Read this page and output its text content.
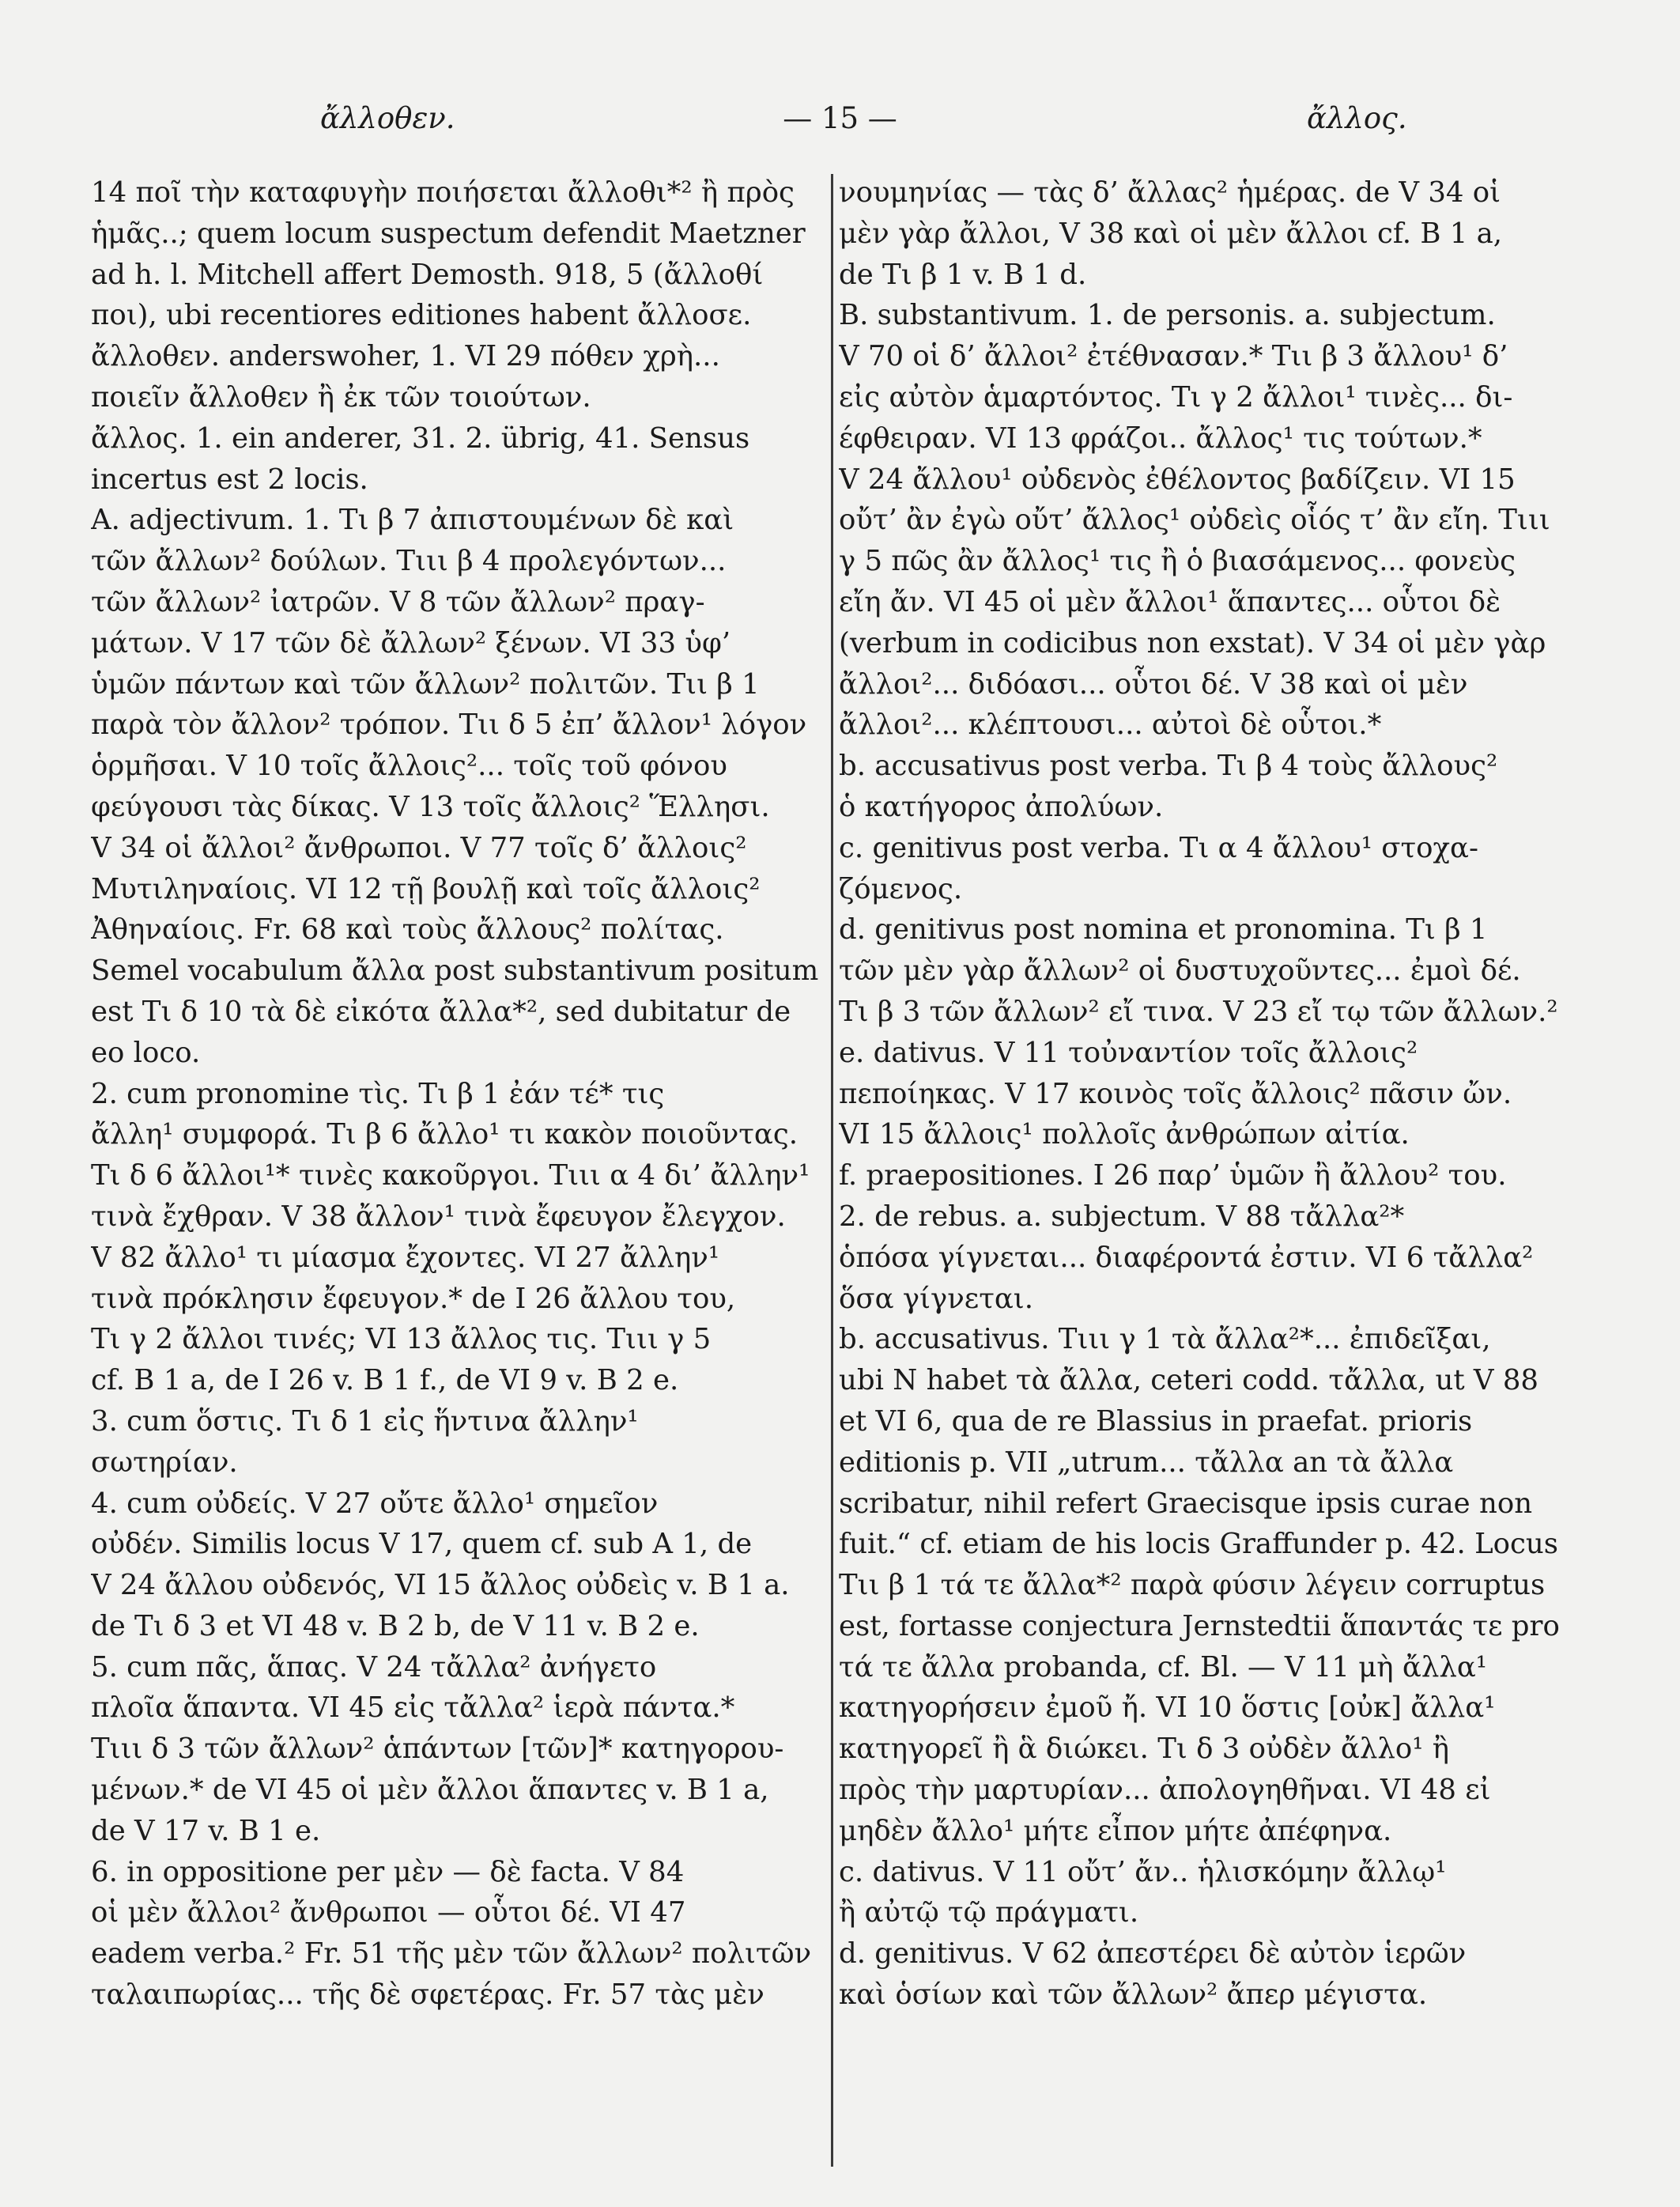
ἄλλοθεν.	— 15 —	ἄλλος.

14 ποῖ τὴν καταφυγὴν ποιήσεται ἄλλοθι*² ἢ πρὸς

ἡμᾶς..; quem locum suspectum defendit Maetzner

ad h. l. Mitchell affert Demosth. 918, 5 (ἄλλοθί

ποι), ubi recentiores editiones habent ἄλλοσε.

ἄλλοθεν. anderswoher, 1. VI 29 πόθεν χρὴ...

ποιεῖν ἄλλοθεν ἢ ἐκ τῶν τοιούτων.

ἄλλος. 1. ein anderer, 31. 2. übrig, 41. Sensus

incertus est 2 locis.

A. adjectivum. 1. Tι β 7 ἀπιστουμένων δὲ καὶ

τῶν ἄλλων² δούλων. Tιιι β 4 προλεγόντων...

τῶν ἄλλων² ἰατρῶν. V 8 τῶν ἄλλων² πραγ-

μάτων. V 17 τῶν δὲ ἄλλων² ξένων. VI 33 ὑφ’

ὑμῶν πάντων καὶ τῶν ἄλλων² πολιτῶν. Tιι β 1

παρὰ τὸν ἄλλον² τρόπον. Tιι δ 5 ἐπ’ ἄλλον¹ λόγον

ὁρμῆσαι. V 10 τοῖς ἄλλοις²... τοῖς τοῦ φόνου

φεύγουσι τὰς δίκας. V 13 τοῖς ἄλλοις² Ἕλλησι.

V 34 οἱ ἄλλοι² ἄνθρωποι. V 77 τοῖς δ’ ἄλλοις²

Μυτιληναίοις. VI 12 τῇ βουλῇ καὶ τοῖς ἄλλοις²

Ἀθηναίοις. Fr. 68 καὶ τοὺς ἄλλους² πολίτας.

Semel vocabulum ἄλλα post substantivum positum

est Tι δ 10 τὰ δὲ εἰκότα ἄλλα*², sed dubitatur de

eo loco.

2. cum pronomine τὶς. Tι β 1 ἐάν τέ* τις

ἄλλη¹ συμφορά. Tι β 6 ἄλλο¹ τι κακὸν ποιοῦντας.

Tι δ 6 ἄλλοι¹* τινὲς κακοῦργοι. Tιιι α 4 δι’ ἄλλην¹

τινὰ ἔχθραν. V 38 ἄλλον¹ τινὰ ἔφευγον ἔλεγχον.

V 82 ἄλλο¹ τι μίασμα ἔχοντες. VI 27 ἄλλην¹

τινὰ πρόκλησιν ἔφευγον.* de I 26 ἄλλου του,

Tι γ 2 ἄλλοι τινές; VI 13 ἄλλος τις. Tιιι γ 5

cf. B 1 a, de I 26 v. B 1 f., de VI 9 v. B 2 e.

3. cum ὅστις. Tι δ 1 εἰς ἥντινα ἄλλην¹

σωτηρίαν.

4. cum οὐδείς. V 27 οὔτε ἄλλο¹ σημεῖον

οὐδέν. Similis locus V 17, quem cf. sub A 1, de

V 24 ἄλλου οὐδενός, VI 15 ἄλλος οὐδεὶς v. B 1 a.

de Tι δ 3 et VI 48 v. B 2 b, de V 11 v. B 2 e.

5. cum πᾶς, ἅπας. V 24 τἄλλα² ἀνήγετο

πλοῖα ἅπαντα. VI 45 εἰς τἄλλα² ἱερὰ πάντα.*

Tιιι δ 3 τῶν ἄλλων² ἁπάντων [τῶν]* κατηγορου-

μένων.* de VI 45 οἱ μὲν ἄλλοι ἅπαντες v. B 1 a,

de V 17 v. B 1 e.

6. in oppositione per μὲν — δὲ facta. V 84

οἱ μὲν ἄλλοι² ἄνθρωποι — οὗτοι δέ. VI 47

eadem verba.² Fr. 51 τῆς μὲν τῶν ἄλλων² πολιτῶν

ταλαιπωρίας... τῆς δὲ σφετέρας. Fr. 57 τὰς μὲν

νουμηνίας — τὰς δ’ ἄλλας² ἡμέρας. de V 34 οἱ

μὲν γὰρ ἄλλοι, V 38 καὶ οἱ μὲν ἄλλοι cf. B 1 a,

de Tι β 1 v. B 1 d.

B. substantivum. 1. de personis. a. subjectum.

V 70 οἱ δ’ ἄλλοι² ἐτέθνασαν.* Tιι β 3 ἄλλου¹ δ’

εἰς αὐτὸν ἁμαρτόντος. Tι γ 2 ἄλλοι¹ τινὲς... δι-

έφθειραν. VI 13 φράζοι.. ἄλλος¹ τις τούτων.*

V 24 ἄλλου¹ οὐδενὸς ἐθέλοντος βαδίζειν. VI 15

οὔτ’ ἂν ἐγὼ οὔτ’ ἄλλος¹ οὐδεὶς οἷός τ’ ἂν εἴη. Tιιι

γ 5 πῶς ἂν ἄλλος¹ τις ἢ ὁ βιασάμενος... φονεὺς

εἴη ἄν. VI 45 οἱ μὲν ἄλλοι¹ ἅπαντες... οὗτοι δὲ

(verbum in codicibus non exstat). V 34 οἱ μὲν γὰρ

ἄλλοι²... διδόασι... οὗτοι δέ. V 38 καὶ οἱ μὲν

ἄλλοι²... κλέπτουσι... αὐτοὶ δὲ οὗτοι.*

b. accusativus post verba. Tι β 4 τοὺς ἄλλους²

ὁ κατήγορος ἀπολύων.

c. genitivus post verba. Tι α 4 ἄλλου¹ στοχα-

ζόμενος.

d. genitivus post nomina et pronomina. Tι β 1

τῶν μὲν γὰρ ἄλλων² οἱ δυστυχοῦντες... ἐμοὶ δέ.

Tι β 3 τῶν ἄλλων² εἴ τινα. V 23 εἴ τῳ τῶν ἄλλων.²

e. dativus. V 11 τοὐναντίον τοῖς ἄλλοις²

πεποίηκας. V 17 κοινὸς τοῖς ἄλλοις² πᾶσιν ὤν.

VI 15 ἄλλοις¹ πολλοῖς ἀνθρώπων αἰτία.

f. praepositiones. I 26 παρ’ ὑμῶν ἢ ἄλλου² του.

2. de rebus. a. subjectum. V 88 τἄλλα²*

ὁπόσα γίγνεται... διαφέροντά ἐστιν. VI 6 τἄλλα²

ὅσα γίγνεται.

b. accusativus. Tιιι γ 1 τὰ ἄλλα²*... ἐπιδεῖξαι,

ubi N habet τὰ ἄλλα, ceteri codd. τἄλλα, ut V 88

et VI 6, qua de re Blassius in praefat. prioris

editionis p. VII „utrum... τἄλλα an τὰ ἄλλα

scribatur, nihil refert Graecisque ipsis curae non

fuit.“ cf. etiam de his locis Graffunder p. 42. Locus

Tιι β 1 τά τε ἄλλα*² παρὰ φύσιν λέγειν corruptus

est, fortasse conjectura Jernstedtii ἅπαντάς τε pro

τά τε ἄλλα probanda, cf. Bl. — V 11 μὴ ἄλλα¹

κατηγορήσειν ἐμοῦ ἤ. VI 10 ὅστις [οὐκ] ἄλλα¹

κατηγορεῖ ἢ ἃ διώκει. Tι δ 3 οὐδὲν ἄλλο¹ ἢ

πρὸς τὴν μαρτυρίαν... ἀπολογηθῆναι. VI 48 εἰ

μηδὲν ἄλλο¹ μήτε εἶπον μήτε ἀπέφηνα.

c. dativus. V 11 οὔτ’ ἄν.. ἡλισκόμην ἄλλῳ¹

ἢ αὐτῷ τῷ πράγματι.

d. genitivus. V 62 ἀπεστέρει δὲ αὐτὸν ἱερῶν

καὶ ὁσίων καὶ τῶν ἄλλων² ἄπερ μέγιστα.
